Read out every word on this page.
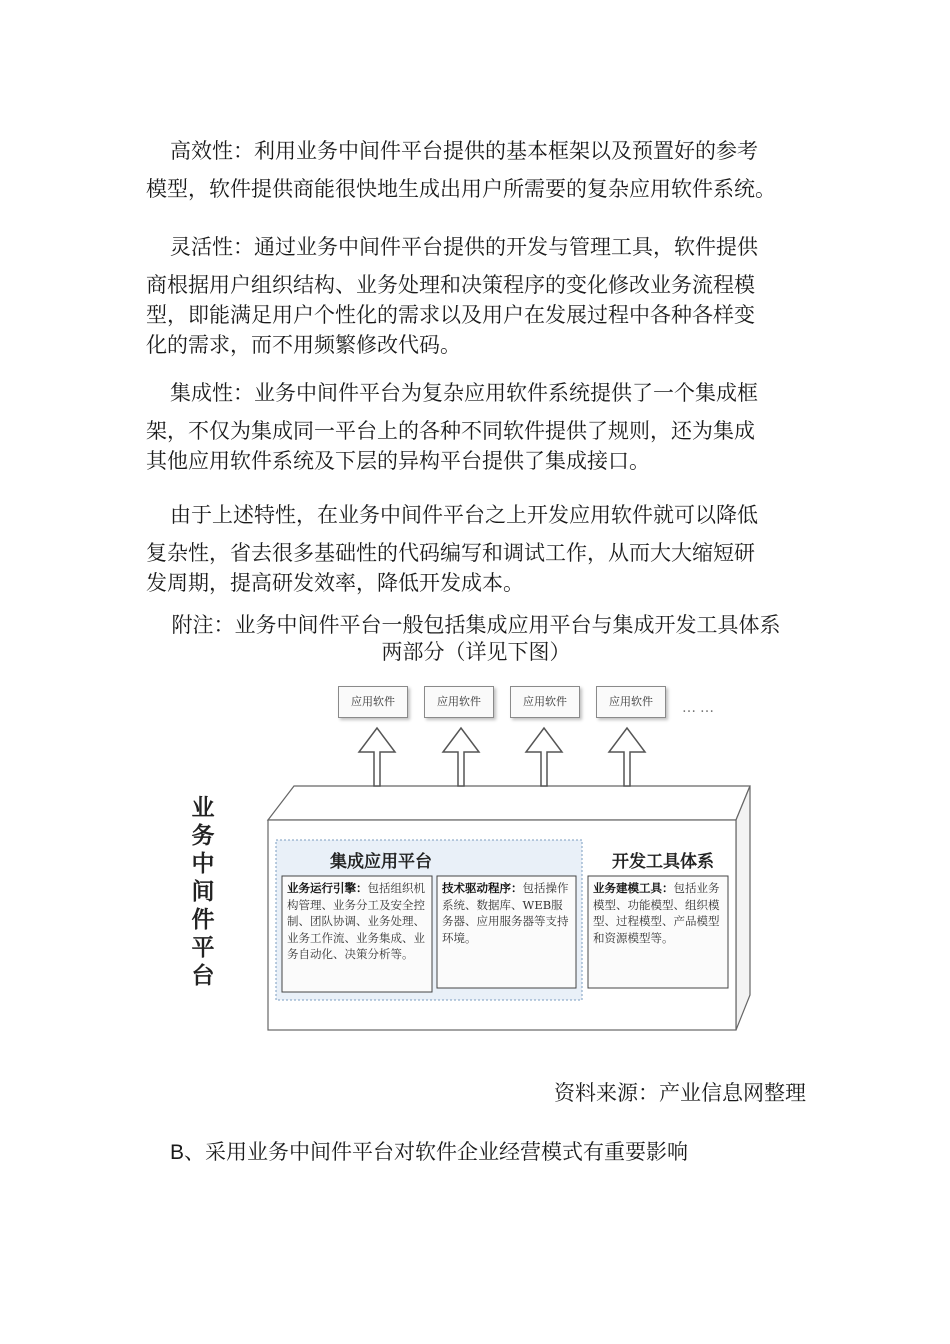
高效性：利用业务中间件平台提供的基本框架以及预置好的参考
模型，软件提供商能很快地生成出用户所需要的复杂应用软件系统。
灵活性：通过业务中间件平台提供的开发与管理工具，软件提供
商根据用户组织结构、业务处理和决策程序的变化修改业务流程模
型，即能满足用户个性化的需求以及用户在发展过程中各种各样变
化的需求，而不用频繁修改代码。
集成性：业务中间件平台为复杂应用软件系统提供了一个集成框
架，不仅为集成同一平台上的各种不同软件提供了规则，还为集成
其他应用软件系统及下层的异构平台提供了集成接口。
由于上述特性，在业务中间件平台之上开发应用软件就可以降低
复杂性，省去很多基础性的代码编写和调试工作，从而大大缩短研
发周期，提高研发效率，降低开发成本。
附注：业务中间件平台一般包括集成应用平台与集成开发工具体系
两部分（详见下图）
应用软件	应用软件	应用软件	应用软件	……
业
务
中
间
件
平
台
集成应用平台	开发工具体系
业务运行引擎：包括组织机构管理、业务分工及安全控制、团队协调、业务处理、业务工作流、业务集成、业务自动化、决策分析等。
技术驱动程序：包括操作系统、数据库、WEB服务器、应用服务器等支持环境。
业务建模工具：包括业务模型、功能模型、组织模型、过程模型、产品模型和资源模型等。
资料来源：产业信息网整理
B、采用业务中间件平台对软件企业经营模式有重要影响
